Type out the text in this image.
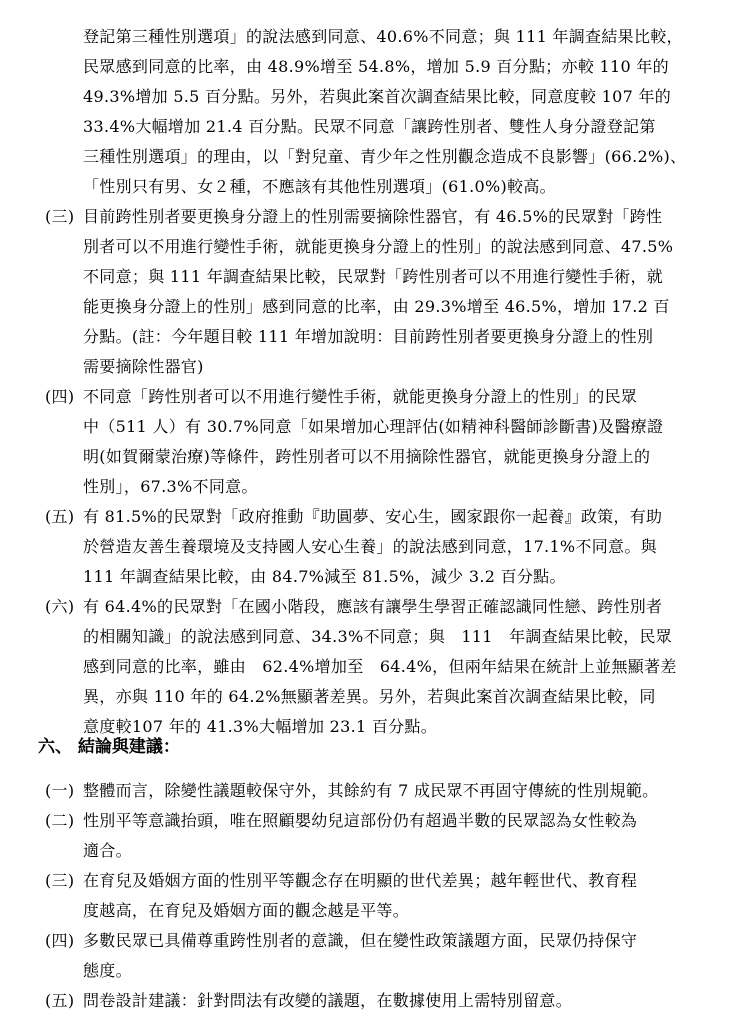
登記第三種性別選項」的說法感到同意、40.6%不同意；與 111 年調查結果比較，
民眾感到同意的比率，由 48.9%增至 54.8%，增加 5.9 百分點；亦較 110 年的
49.3%增加 5.5 百分點。另外，若與此案首次調查結果比較，同意度較 107 年的
33.4%大幅增加 21.4 百分點。民眾不同意「讓跨性別者、雙性人身分證登記第
三種性別選項」的理由，以「對兒童、青少年之性別觀念造成不良影響」(66.2%)、
「性別只有男、女２種，不應該有其他性別選項」(61.0%)較高。
(三) 目前跨性別者要更換身分證上的性別需要摘除性器官，有 46.5%的民眾對「跨性
別者可以不用進行變性手術，就能更換身分證上的性別」的說法感到同意、47.5%
不同意；與 111 年調查結果比較，民眾對「跨性別者可以不用進行變性手術，就
能更換身分證上的性別」感到同意的比率，由 29.3%增至 46.5%，增加 17.2 百
分點。(註：今年題目較 111 年增加說明：目前跨性別者要更換身分證上的性別
需要摘除性器官)
(四) 不同意「跨性別者可以不用進行變性手術，就能更換身分證上的性別」的民眾
中（511 人）有 30.7%同意「如果增加心理評估(如精神科醫師診斷書)及醫療證
明(如賀爾蒙治療)等條件，跨性別者可以不用摘除性器官，就能更換身分證上的
性別」，67.3%不同意。
(五) 有 81.5%的民眾對「政府推動『助圓夢、安心生，國家跟你一起養』政策，有助
於營造友善生養環境及支持國人安心生養」的說法感到同意，17.1%不同意。與
111 年調查結果比較，由 84.7%減至 81.5%，減少 3.2 百分點。
(六) 有 64.4%的民眾對「在國小階段，應該有讓學生學習正確認識同性戀、跨性別者
的相關知識」的說法感到同意、34.3%不同意；與　111　年調查結果比較，民眾
感到同意的比率，雖由　62.4%增加至　64.4%，但兩年結果在統計上並無顯著差
異，亦與 110 年的 64.2%無顯著差異。另外，若與此案首次調查結果比較，同
意度較107 年的 41.3%大幅增加 23.1 百分點。
六、 結論與建議：
(一) 整體而言，除變性議題較保守外，其餘約有 7 成民眾不再固守傳統的性別規範。
(二) 性別平等意識抬頭，唯在照顧嬰幼兒這部份仍有超過半數的民眾認為女性較為
適合。
(三) 在育兒及婚姻方面的性別平等觀念存在明顯的世代差異；越年輕世代、教育程
度越高，在育兒及婚姻方面的觀念越是平等。
(四) 多數民眾已具備尊重跨性別者的意識，但在變性政策議題方面，民眾仍持保守
態度。
(五) 問卷設計建議：針對問法有改變的議題，在數據使用上需特別留意。
